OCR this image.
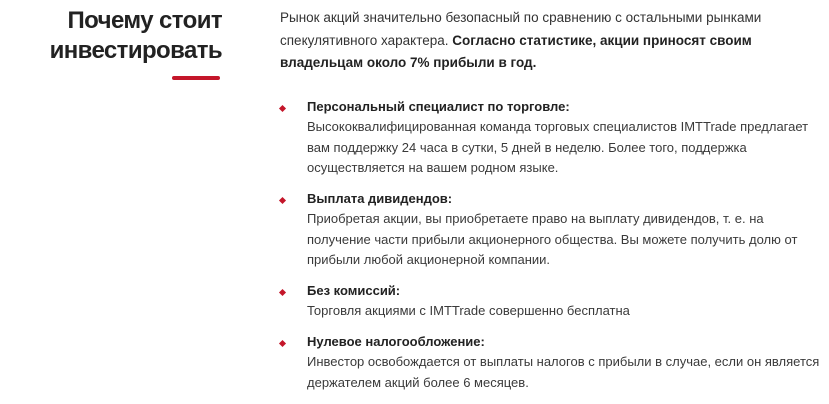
Почему стоит
инвестировать

Рынок акций значительно безопасный по сравнению с остальными рынками спекулятивного характера. Согласно статистике, акции приносят своим владельцам около 7% прибыли в год.

Персональный специалист по торговле:
Высококвалифицированная команда торговых специалистов IMTTrade предлагает вам поддержку 24 часа в сутки, 5 дней в неделю. Более того, поддержка осуществляется на вашем родном языке.
Выплата дивидендов:
Приобретая акции, вы приобретаете право на выплату дивидендов, т. е. на получение части прибыли акционерного общества. Вы можете получить долю от прибыли любой акционерной компании.
Без комиссий:
Торговля акциями с IMTTrade совершенно бесплатна
Нулевое налогообложение:
Инвестор освобождается от выплаты налогов с прибыли в случае, если он является держателем акций более 6 месяцев.
